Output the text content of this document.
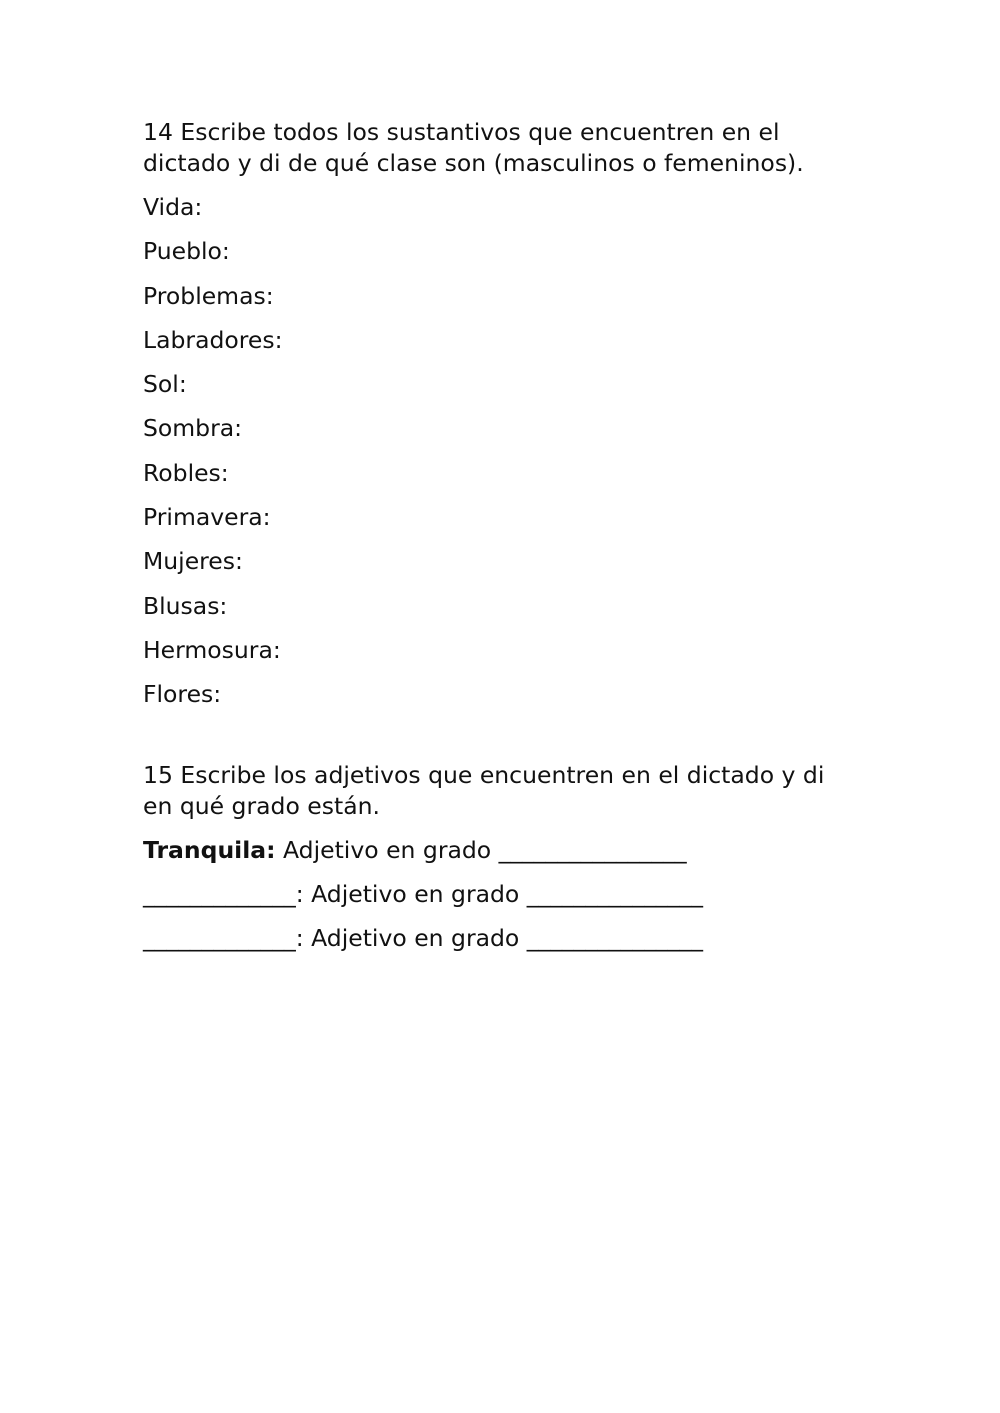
14 Escribe todos los sustantivos que encuentren en el
dictado y di de qué clase son (masculinos o femeninos).

Vida:
Pueblo:
Problemas:
Labradores:
Sol:
Sombra:
Robles:
Primavera:
Mujeres:
Blusas:
Hermosura:
Flores:

15 Escribe los adjetivos que encuentren en el dictado y di
en qué grado están.

Tranquila: Adjetivo en grado ________________
_____________: Adjetivo en grado _______________
_____________: Adjetivo en grado _______________
